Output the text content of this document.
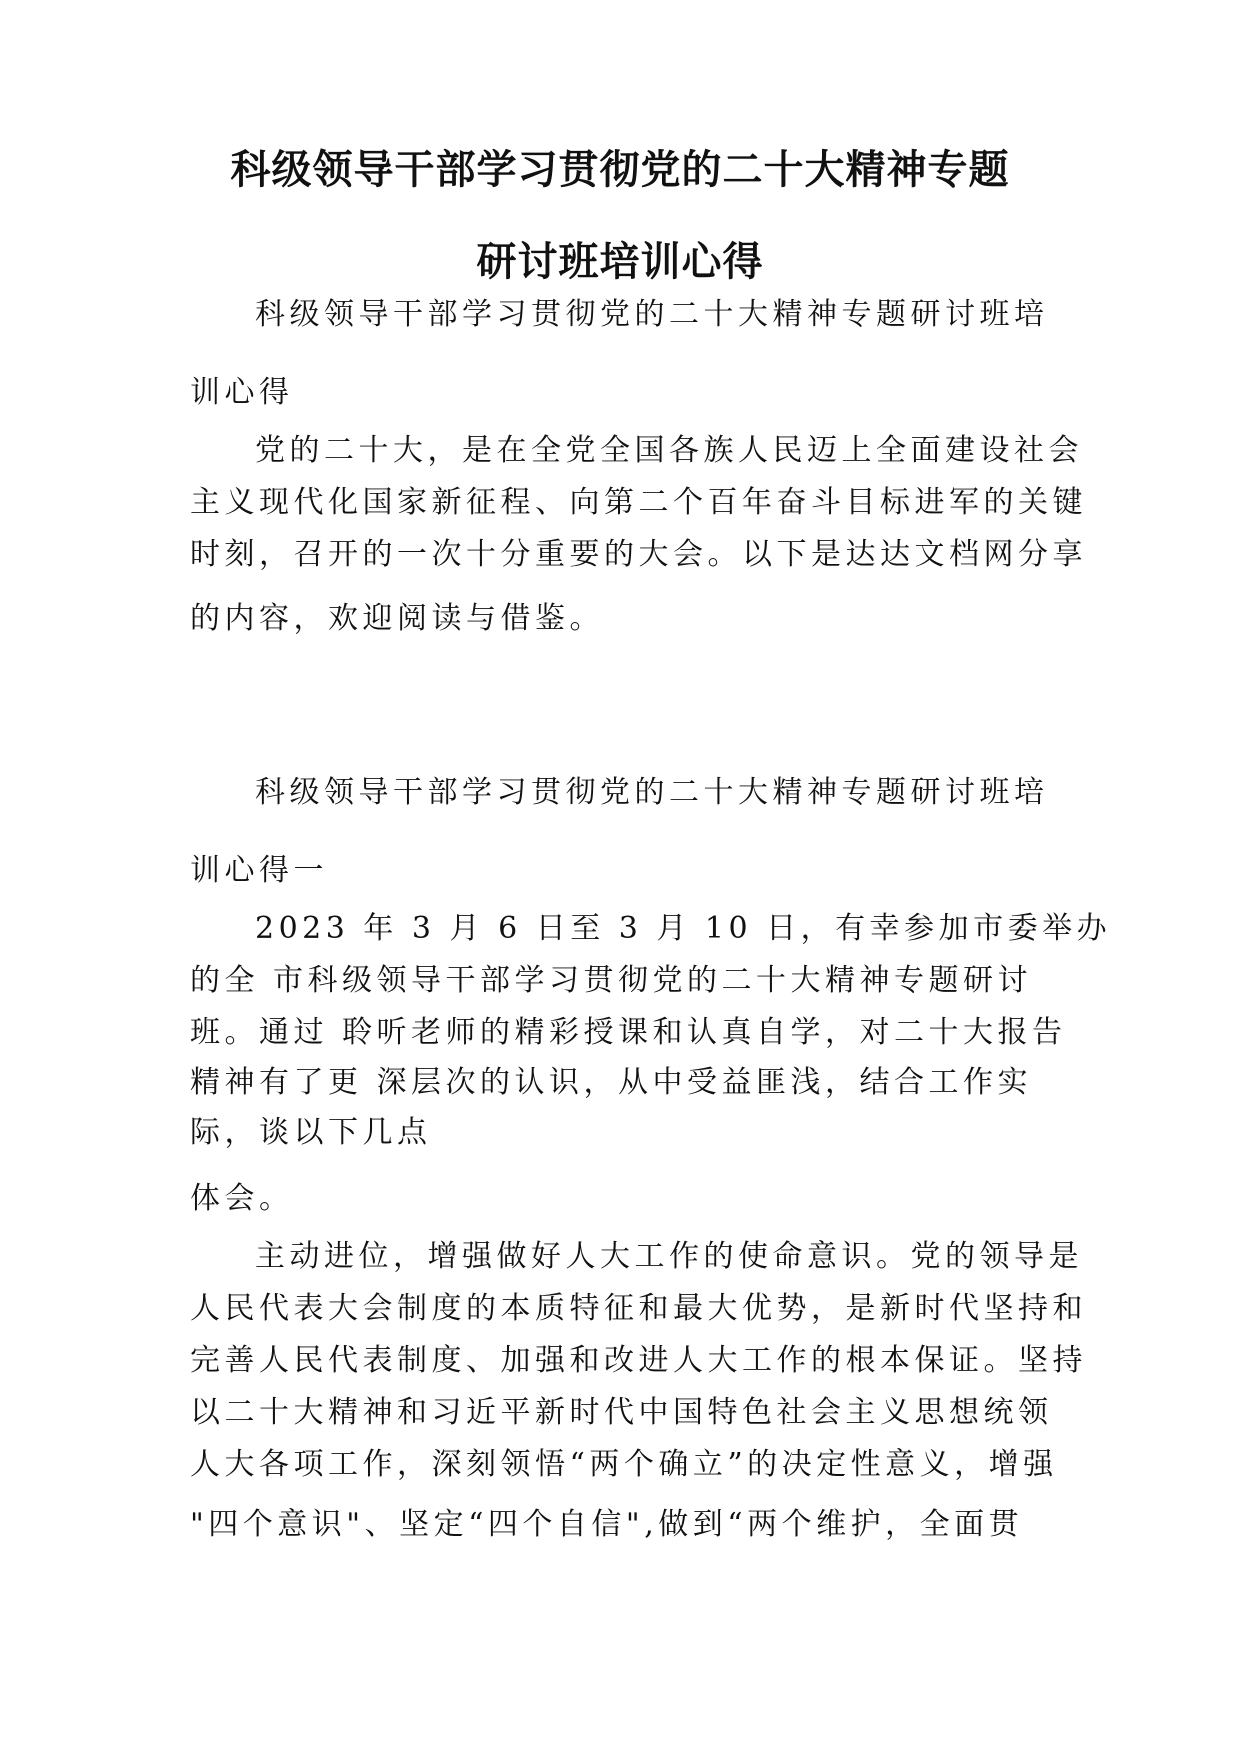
科级领导干部学习贯彻党的二十大精神专题
研讨班培训心得

科级领导干部学习贯彻党的二十大精神专题研讨班培

训心得

党的二十大，是在全党全国各族人民迈上全面建设社会

主义现代化国家新征程、向第二个百年奋斗目标进军的关键

时刻，召开的一次十分重要的大会。以下是达达文档网分享

的内容，欢迎阅读与借鉴。

科级领导干部学习贯彻党的二十大精神专题研讨班培

训心得一

2023 年 3 月 6 日至 3 月 10 日，有幸参加市委举办

的全 市科级领导干部学习贯彻党的二十大精神专题研讨

班。通过 聆听老师的精彩授课和认真自学，对二十大报告

精神有了更 深层次的认识，从中受益匪浅，结合工作实

际，谈以下几点

体会。

主动进位，增强做好人大工作的使命意识。党的领导是

人民代表大会制度的本质特征和最大优势，是新时代坚持和

完善人民代表制度、加强和改进人大工作的根本保证。坚持

以二十大精神和习近平新时代中国特色社会主义思想统领

人大各项工作，深刻领悟“两个确立”的决定性意义，增强

"四个意识"、坚定“四个自信",做到“两个维护，全面贯
